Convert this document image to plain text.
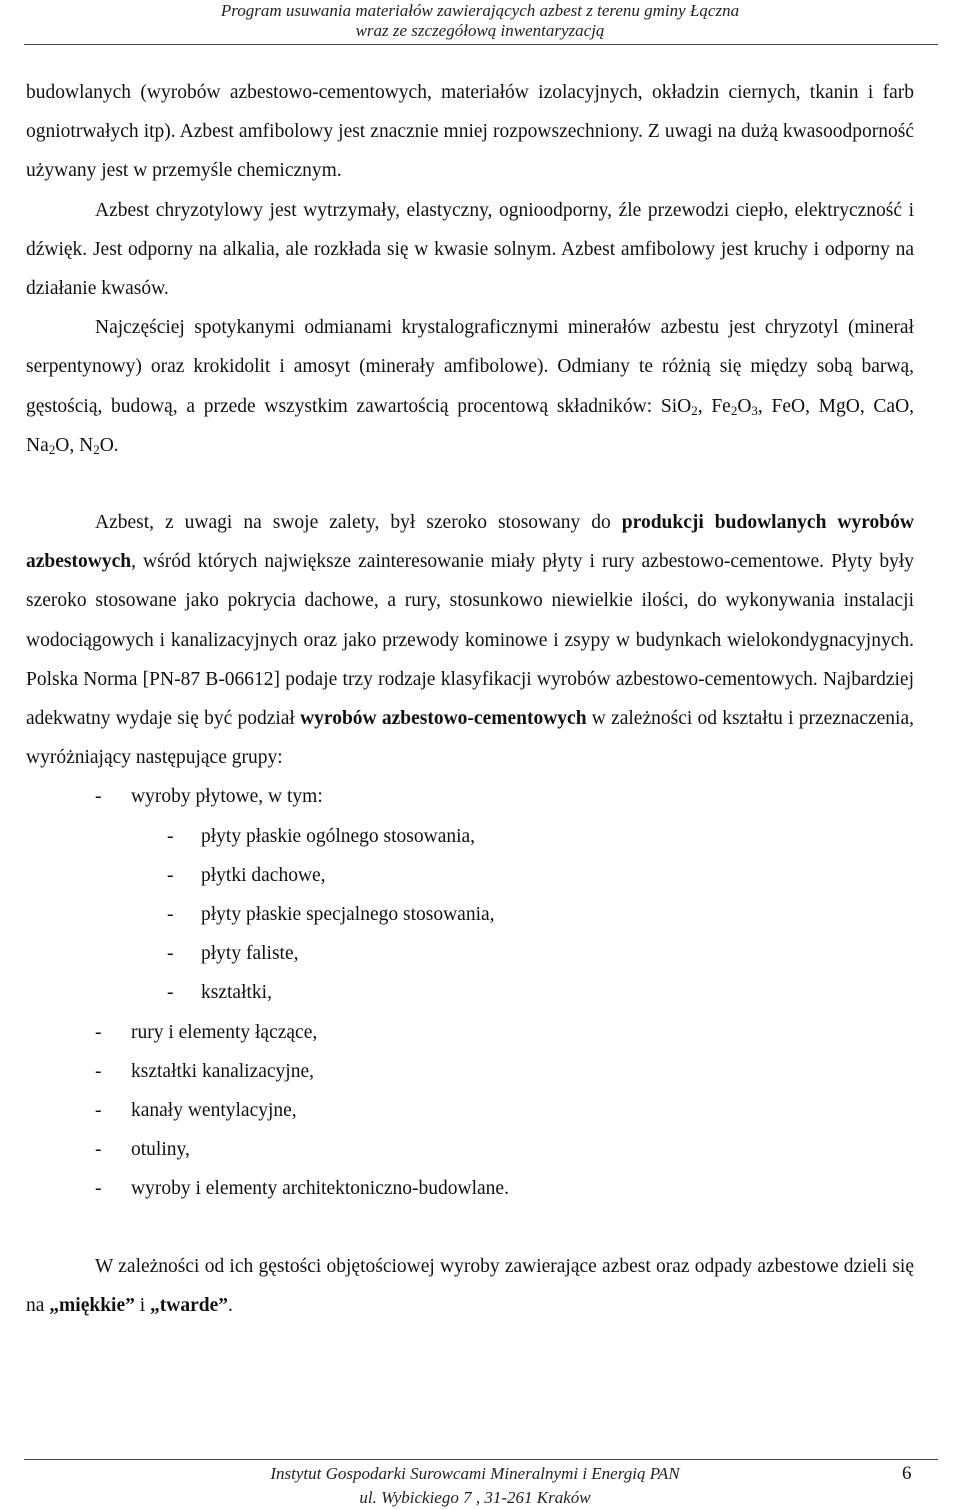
Program usuwania materiałów zawierających azbest z terenu gminy Łączna
wraz ze szczegółową inwentaryzacją

budowlanych (wyrobów azbestowo-cementowych, materiałów izolacyjnych, okładzin ciernych, tkanin i farb ogniotrwałych itp). Azbest amfibolowy jest znacznie mniej rozpowszechniony. Z uwagi na dużą kwasoodporność używany jest w przemyśle chemicznym.

Azbest chryzotylowy jest wytrzymały, elastyczny, ognioodporny, źle przewodzi ciepło, elektryczność i dźwięk. Jest odporny na alkalia, ale rozkłada się w kwasie solnym. Azbest amfibolowy jest kruchy i odporny na działanie kwasów.

Najczęściej spotykanymi odmianami krystalograficznymi minerałów azbestu jest chryzotyl (minerał serpentynowy) oraz krokidolit i amosyt (minerały amfibolowe). Odmiany te różnią się między sobą barwą, gęstością, budową, a przede wszystkim zawartością procentową składników: SiO$_2$, $Fe_2O_3$, FeO, MgO, CaO, $Na_2O$, $N_2O$.

Azbest, z uwagi na swoje zalety, był szeroko stosowany do produkcji budowlanych wyrobów azbestowych, wśród których największe zainteresowanie miały płyty i rury azbestowo-cementowe. Płyty były szeroko stosowane jako pokrycia dachowe, a rury, stosunkowo niewielkie ilości, do wykonywania instalacji wodociągowych i kanalizacyjnych oraz jako przewody kominowe i zsypy w budynkach wielokondygnacyjnych. Polska Norma [PN-87 B-06612] podaje trzy rodzaje klasyfikacji wyrobów azbestowo-cementowych. Najbardziej adekwatny wydaje się być podział wyrobów azbestowo-cementowych w zależności od kształtu i przeznaczenia, wyróżniający następujące grupy:

- wyroby płytowe, w tym:
- płyty płaskie ogólnego stosowania,
- płytki dachowe,
- płyty płaskie specjalnego stosowania,
- płyty faliste,
- kształtki,
- rury i elementy łączące,
- kształtki kanalizacyjne,
- kanały wentylacyjne,
- otuliny,
- wyroby i elementy architektoniczno-budowlane.

W zależności od ich gęstości objętościowej wyroby zawierające azbest oraz odpady azbestowe dzieli się na „miękkie” i „twarde”.

Instytut Gospodarki Surowcami Mineralnymi i Energią PAN
ul. Wybickiego 7 , 31-261 Kraków
6
